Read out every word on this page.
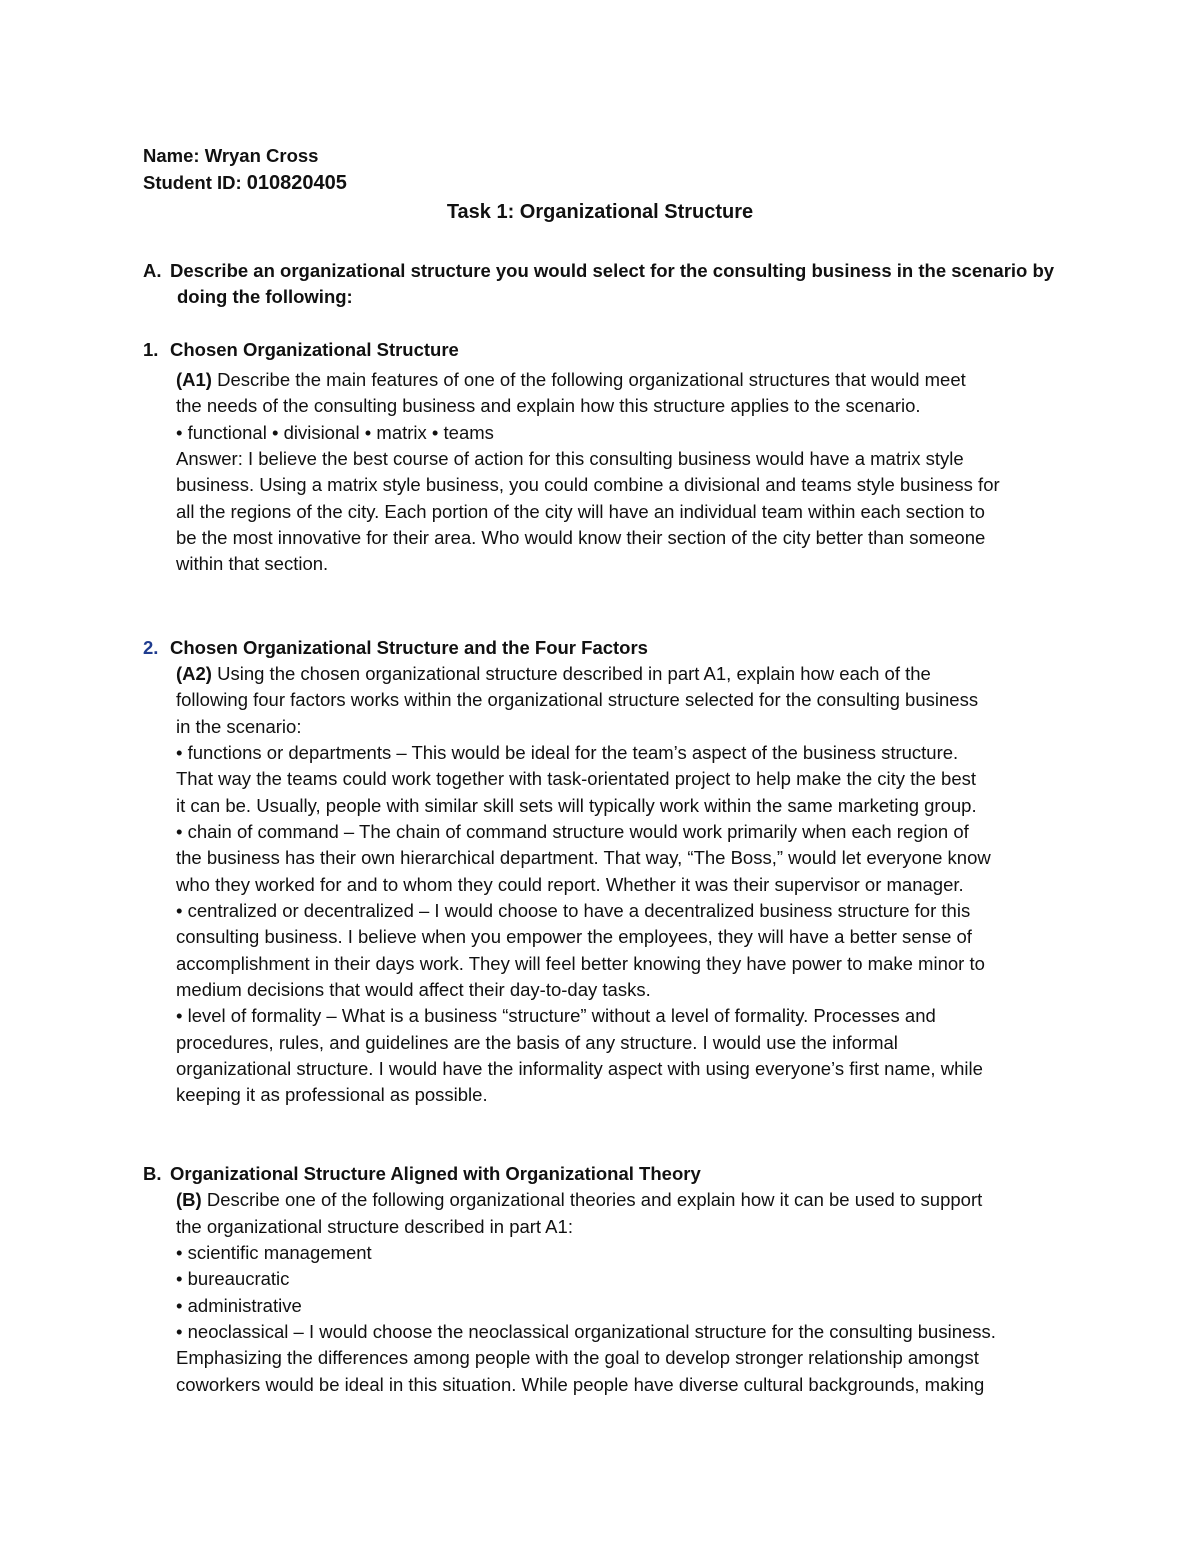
Name: Wryan Cross
Student ID: 010820405
Task 1: Organizational Structure
A. Describe an organizational structure you would select for the consulting business in the scenario by
doing the following:
1. Chosen Organizational Structure
(A1) Describe the main features of one of the following organizational structures that would meet
the needs of the consulting business and explain how this structure applies to the scenario.
• functional • divisional • matrix • teams
Answer: I believe the best course of action for this consulting business would have a matrix style
business. Using a matrix style business, you could combine a divisional and teams style business for
all the regions of the city. Each portion of the city will have an individual team within each section to
be the most innovative for their area. Who would know their section of the city better than someone
within that section.
2. Chosen Organizational Structure and the Four Factors
(A2) Using the chosen organizational structure described in part A1, explain how each of the
following four factors works within the organizational structure selected for the consulting business
in the scenario:
• functions or departments – This would be ideal for the team’s aspect of the business structure.
That way the teams could work together with task-orientated project to help make the city the best
it can be. Usually, people with similar skill sets will typically work within the same marketing group.
• chain of command – The chain of command structure would work primarily when each region of
the business has their own hierarchical department. That way, “The Boss,” would let everyone know
who they worked for and to whom they could report. Whether it was their supervisor or manager.
• centralized or decentralized – I would choose to have a decentralized business structure for this
consulting business. I believe when you empower the employees, they will have a better sense of
accomplishment in their days work. They will feel better knowing they have power to make minor to
medium decisions that would affect their day-to-day tasks.
• level of formality – What is a business “structure” without a level of formality. Processes and
procedures, rules, and guidelines are the basis of any structure. I would use the informal
organizational structure. I would have the informality aspect with using everyone’s first name, while
keeping it as professional as possible.
B. Organizational Structure Aligned with Organizational Theory
(B) Describe one of the following organizational theories and explain how it can be used to support
the organizational structure described in part A1:
• scientific management
• bureaucratic
• administrative
• neoclassical – I would choose the neoclassical organizational structure for the consulting business.
Emphasizing the differences among people with the goal to develop stronger relationship amongst
coworkers would be ideal in this situation. While people have diverse cultural backgrounds, making
